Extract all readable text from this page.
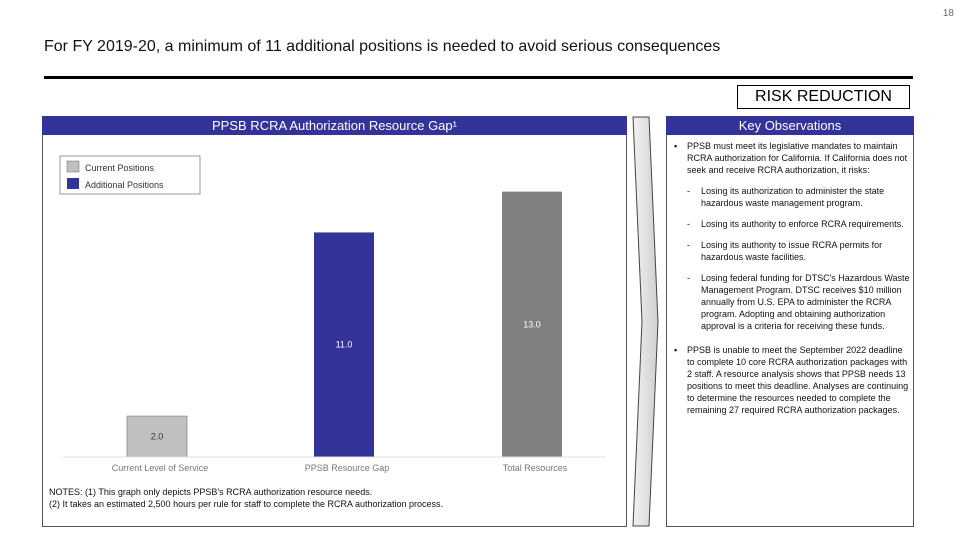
18
For FY 2019-20, a minimum of 11 additional positions is needed to avoid serious consequences
RISK REDUCTION
PPSB RCRA Authorization Resource Gap¹
Current Positions
Additional Positions
2.0
11.0
13.0
Current Level of Service	PPSB Resource Gap	Total Resources
NOTES: (1) This graph only depicts PPSB's RCRA authorization resource needs.
(2) It takes an estimated 2,500 hours per rule for staff to complete the RCRA authorization process.
Key Observations
▪	PPSB must meet its legislative mandates to maintain RCRA authorization for California. If California does not seek and receive RCRA authorization, it risks:
-	Losing its authorization to administer the state hazardous waste management program.
-	Losing its authority to enforce RCRA requirements.
-	Losing its authority to issue RCRA permits for hazardous waste facilities.
-	Losing federal funding for DTSC's Hazardous Waste Management Program. DTSC receives $10 million annually from U.S. EPA to administer the RCRA program. Adopting and obtaining authorization approval is a criteria for receiving these funds.
▪	PPSB is unable to meet the September 2022 deadline to complete 10 core RCRA authorization packages with 2 staff. A resource analysis shows that PPSB needs 13 positions to meet this deadline. Analyses are continuing to determine the resources needed to complete the remaining 27 required RCRA authorization packages.
